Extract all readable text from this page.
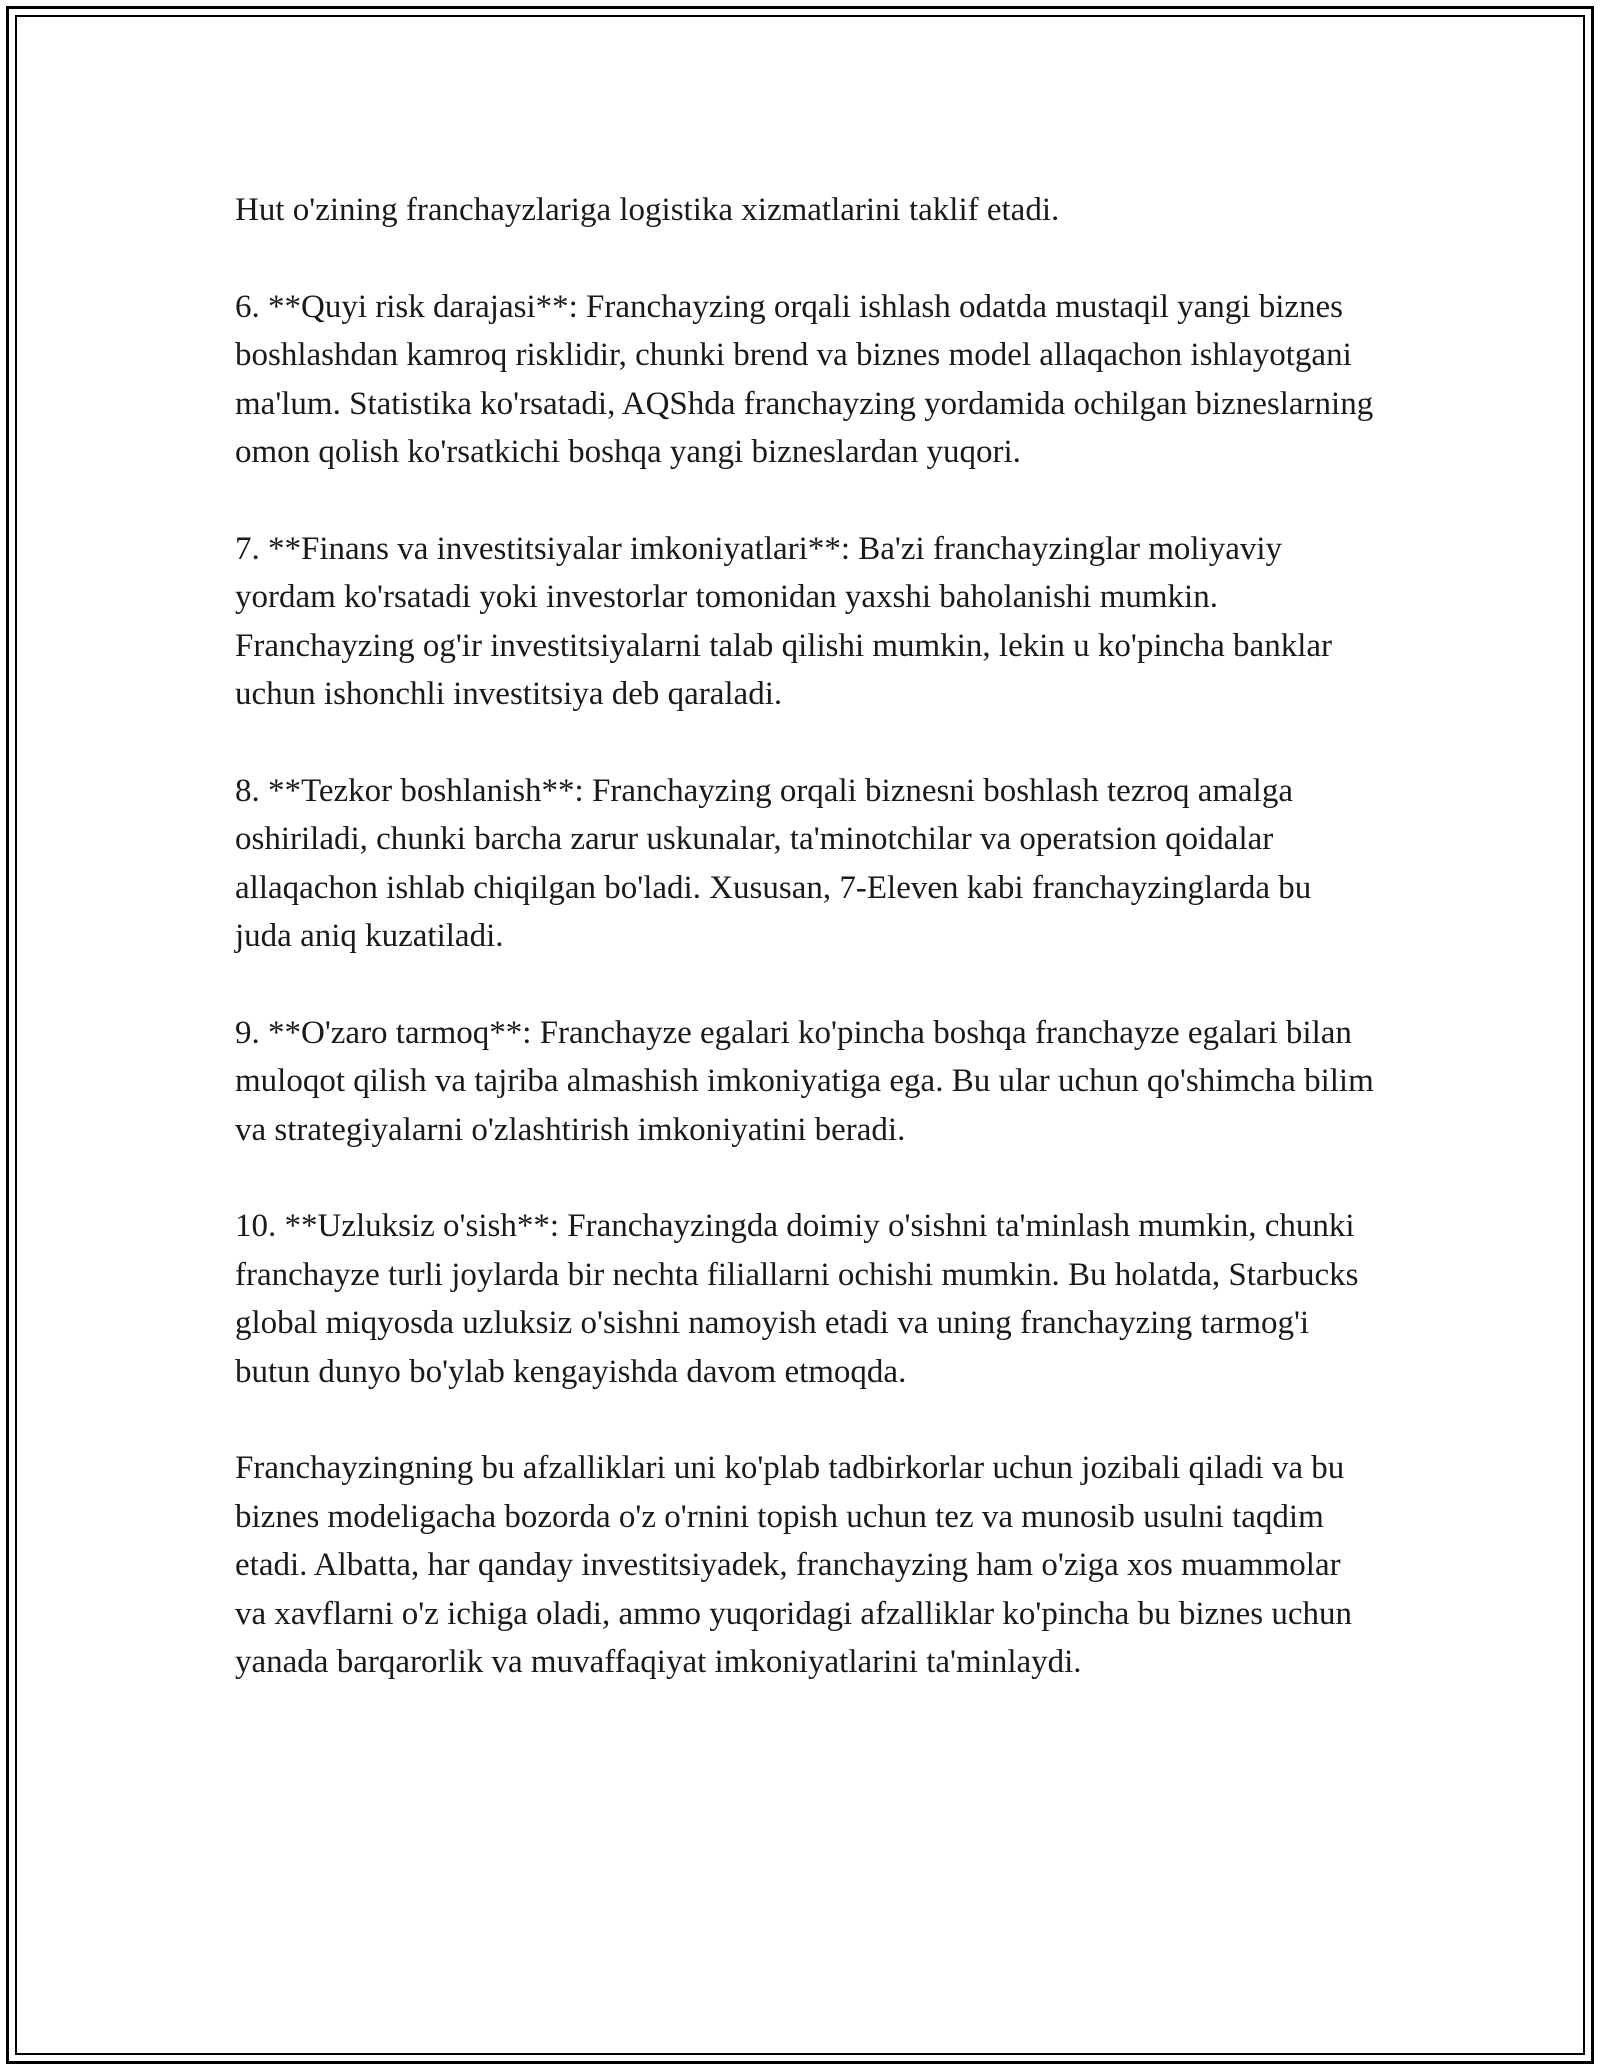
Hut o'zining franchayzlariga logistika xizmatlarini taklif etadi.

6. **Quyi risk darajasi**: Franchayzing orqali ishlash odatda mustaqil yangi biznes boshlashdan kamroq risklidir, chunki brend va biznes model allaqachon ishlayotgani ma'lum. Statistika ko'rsatadi, AQShda franchayzing yordamida ochilgan bizneslarning omon qolish ko'rsatkichi boshqa yangi bizneslardan yuqori.

7. **Finans va investitsiyalar imkoniyatlari**: Ba'zi franchayzinglar moliyaviy yordam ko'rsatadi yoki investorlar tomonidan yaxshi baholanishi mumkin. Franchayzing og'ir investitsiyalarni talab qilishi mumkin, lekin u ko'pincha banklar uchun ishonchli investitsiya deb qaraladi.

8. **Tezkor boshlanish**: Franchayzing orqali biznesni boshlash tezroq amalga oshiriladi, chunki barcha zarur uskunalar, ta'minotchilar va operatsion qoidalar allaqachon ishlab chiqilgan bo'ladi. Xususan, 7-Eleven kabi franchayzinglarda bu juda aniq kuzatiladi.

9. **O'zaro tarmoq**: Franchayze egalari ko'pincha boshqa franchayze egalari bilan muloqot qilish va tajriba almashish imkoniyatiga ega. Bu ular uchun qo'shimcha bilim va strategiyalarni o'zlashtirish imkoniyatini beradi.

10. **Uzluksiz o'sish**: Franchayzingda doimiy o'sishni ta'minlash mumkin, chunki franchayze turli joylarda bir nechta filiallarni ochishi mumkin. Bu holatda, Starbucks global miqyosda uzluksiz o'sishni namoyish etadi va uning franchayzing tarmog'i butun dunyo bo'ylab kengayishda davom etmoqda.

Franchayzingning bu afzalliklari uni ko'plab tadbirkorlar uchun jozibali qiladi va bu biznes modeligacha bozorda o'z o'rnini topish uchun tez va munosib usulni taqdim etadi. Albatta, har qanday investitsiyadek, franchayzing ham o'ziga xos muammolar va xavflarni o'z ichiga oladi, ammo yuqoridagi afzalliklar ko'pincha bu biznes uchun yanada barqarorlik va muvaffaqiyat imkoniyatlarini ta'minlaydi.
